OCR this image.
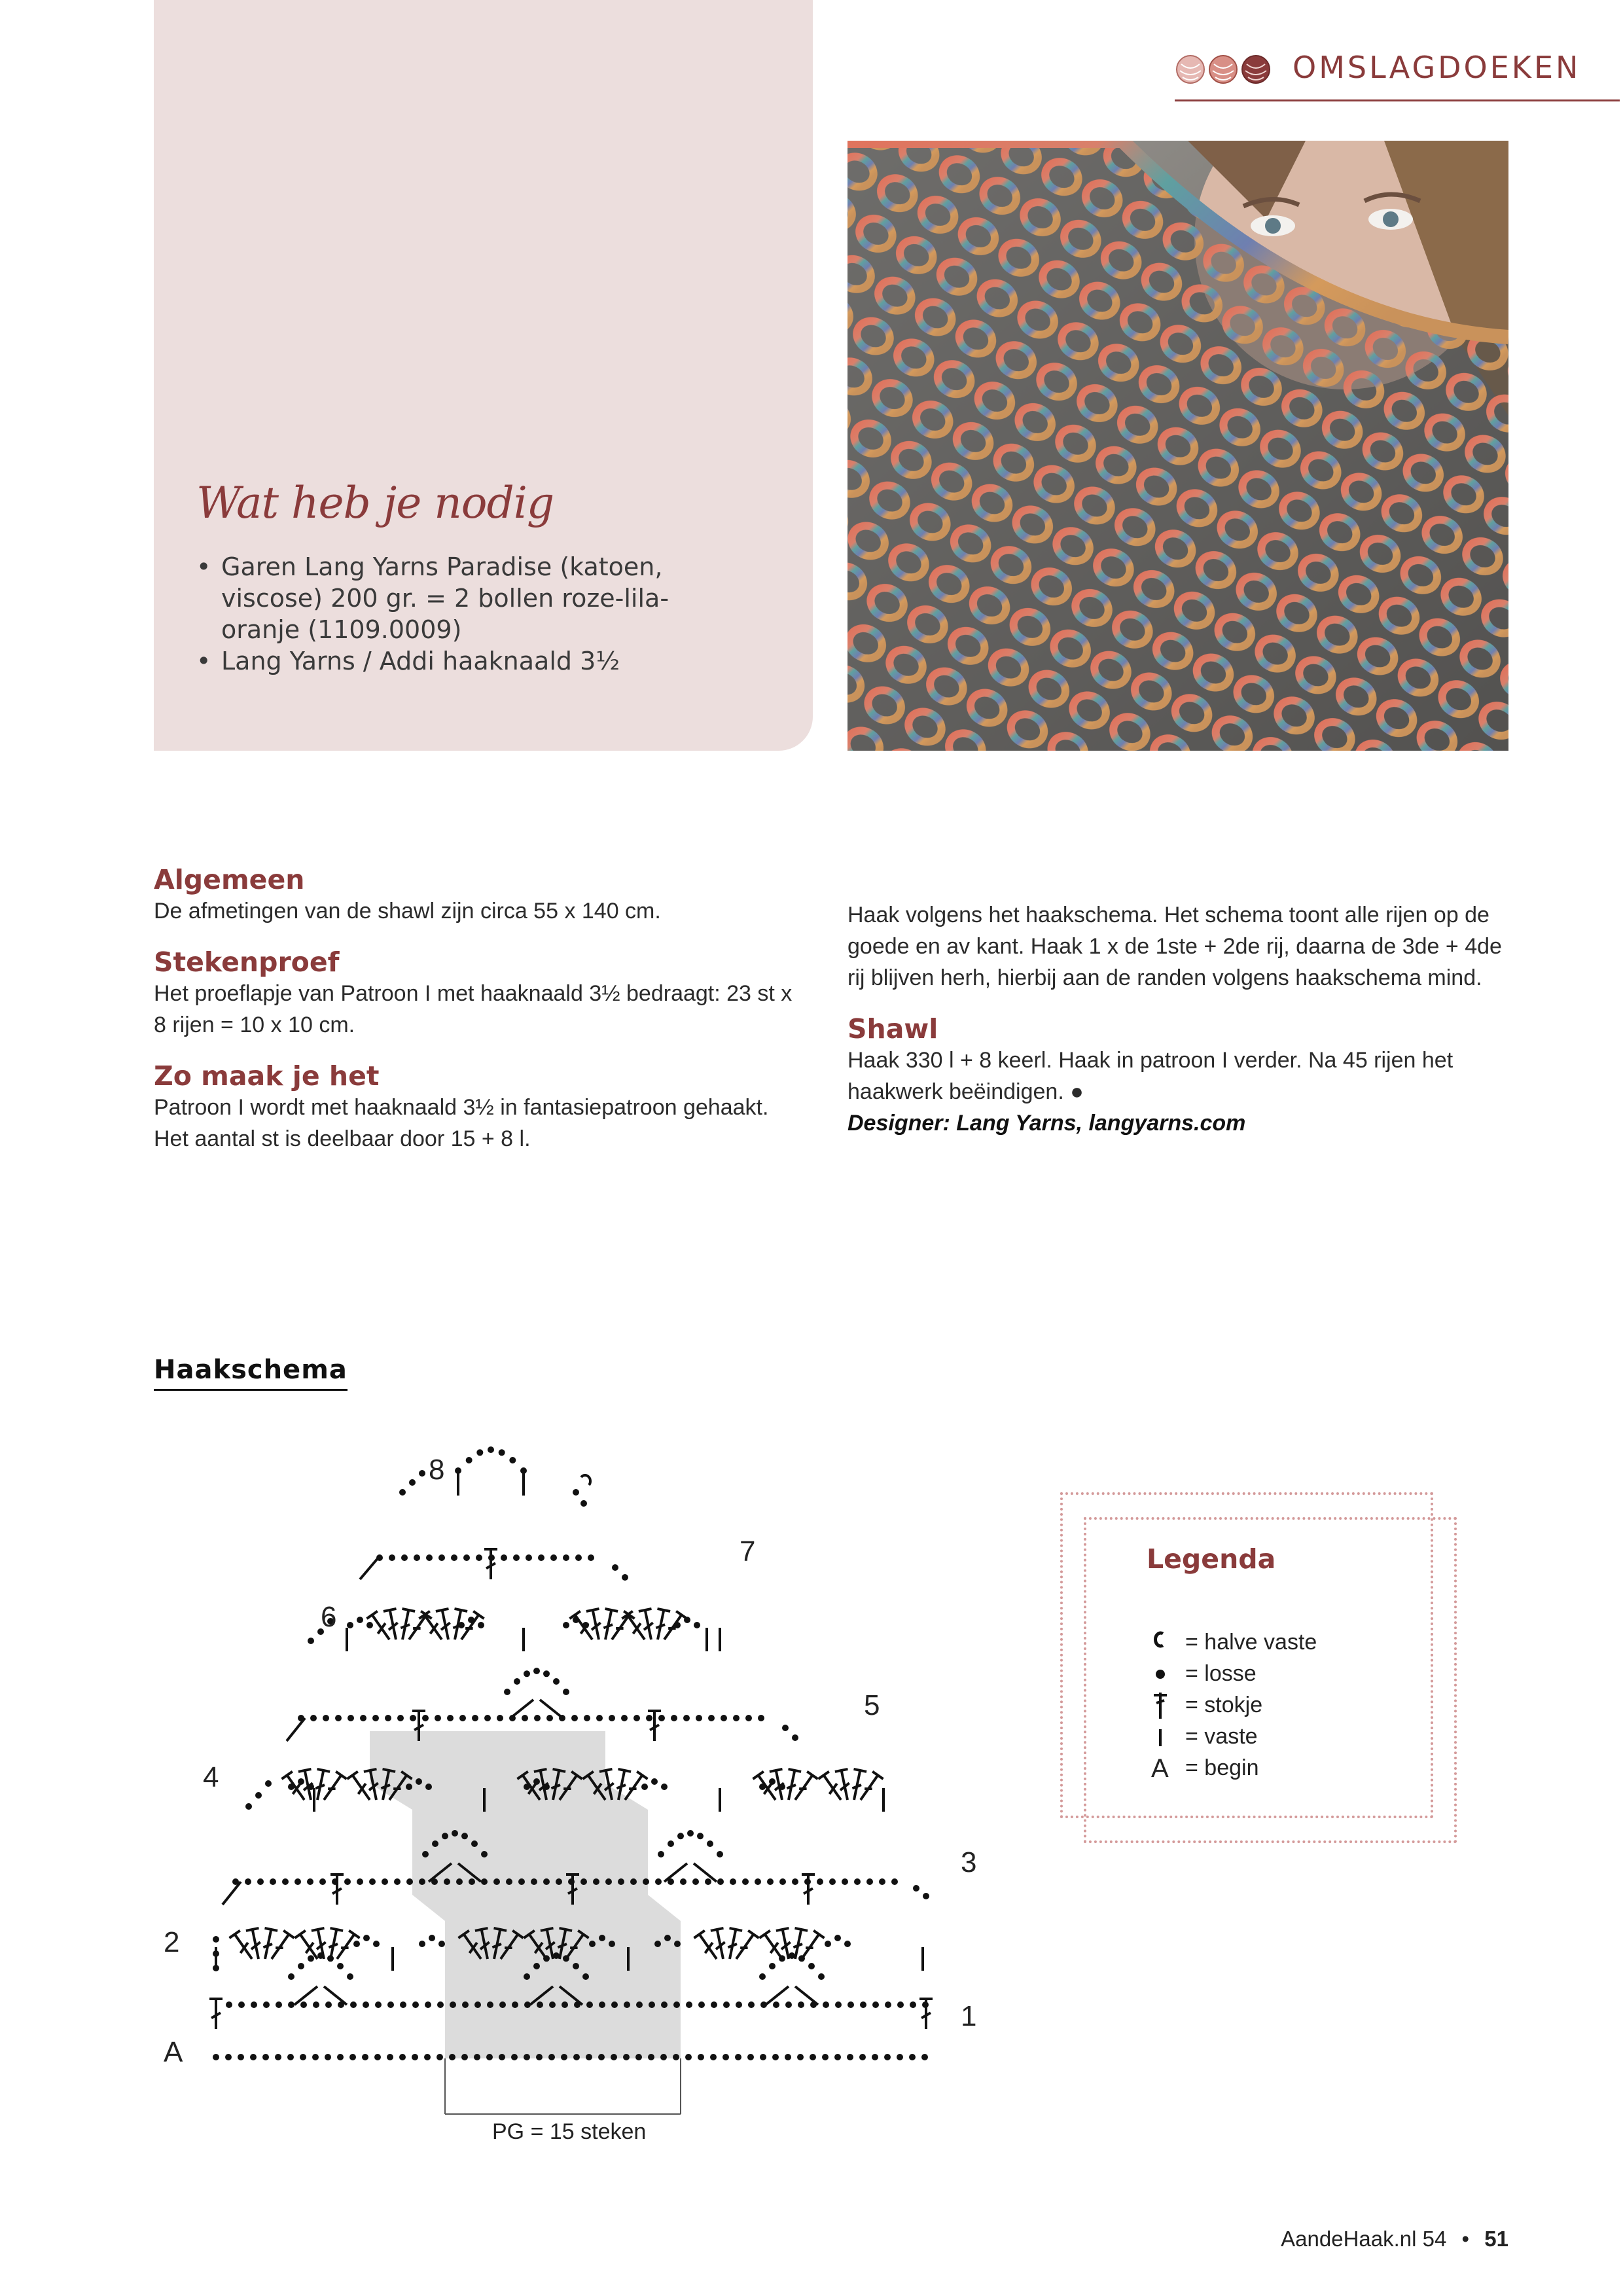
OMSLAGDOEKEN
Wat heb je nodig
• Garen Lang Yarns Paradise (katoen, viscose) 200 gr. = 2 bollen roze-lila-oranje (1109.0009)
• Lang Yarns / Addi haaknaald 3½
Algemeen

De afmetingen van de shawl zijn circa 55 x 140 cm.

Stekenproef

Het proeflapje van Patroon I met haaknaald 3½ bedraagt: 23 st x 8 rijen = 10 x 10 cm.

Zo maak je het

Patroon I wordt met haaknaald 3½ in fantasiepatroon gehaakt. Het aantal st is deelbaar door 15 + 8 l.

Haak volgens het haakschema. Het schema toont alle rijen op de goede en av kant. Haak 1 x de 1ste + 2de rij, daarna de 3de + 4de rij blijven herh, hierbij aan de randen volgens haakschema mind.

Shawl

Haak 330 l + 8 keerl. Haak in patroon I verder. Na 45 rijen het haakwerk beëindigen. ●

Designer: Lang Yarns, langyarns.com

Haakschema
A
1
2
3
4
5
6
7
8
PG = 15 steken
Legenda
= halve vaste
= losse
= stokje
= vaste
A = begin
AandeHaak.nl 54 • 51
